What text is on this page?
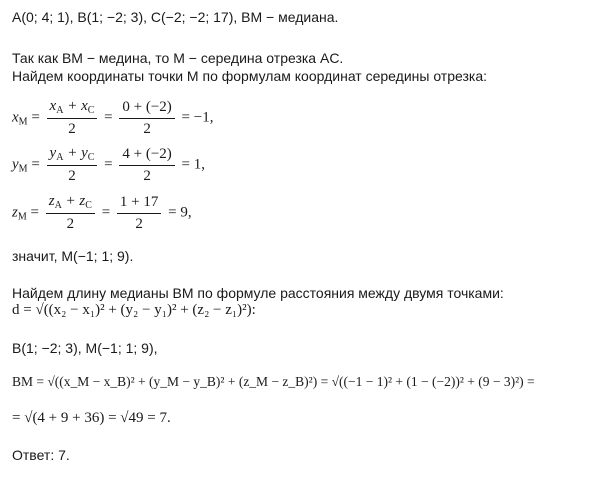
A(0; 4; 1), B(1; −2; 3), C(−2; −2; 17), BM − медиана.
Так как BM − медина, то M − середина отрезка AC.
Найдем координаты точки M по формулам координат середины отрезка:
$x_M = \frac{x_A + x_C}{2} = \frac{0 + (-2)}{2} = -1$,
$y_M = \frac{y_A + y_C}{2} = \frac{4 + (-2)}{2} = 1$,
$z_M = \frac{z_A + z_C}{2} = \frac{1 + 17}{2} = 9$,
значит, M(−1; 1; 9).
Найдем длину медианы BM по формуле расстояния между двумя точками:
d = √((x₂ − x₁)² + (y₂ − y₁)² + (z₂ − z₁)²):
B(1; −2; 3), M(−1; 1; 9),
BM = √((x_M − x_B)² + (y_M − y_B)² + (z_M − z_B)²) = √((−1 − 1)² + (1 − (−2))² + (9 − 3)²) =
= √(4 + 9 + 36) = √49 = 7.
Ответ: 7.
